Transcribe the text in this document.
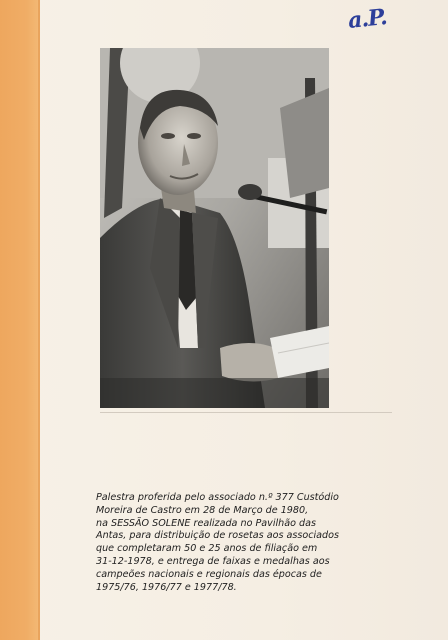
a.P.

Palestra proferida pelo associado n.º 377 Custódio
Moreira de Castro em 28 de Março de 1980,
na SESSÃO SOLENE realizada no Pavilhão das
Antas, para distribuição de rosetas aos associados
que completaram 50 e 25 anos de filiação em
31-12-1978, e entrega de faixas e medalhas aos
campeões nacionais e regionais das épocas de
1975/76, 1976/77 e 1977/78.
